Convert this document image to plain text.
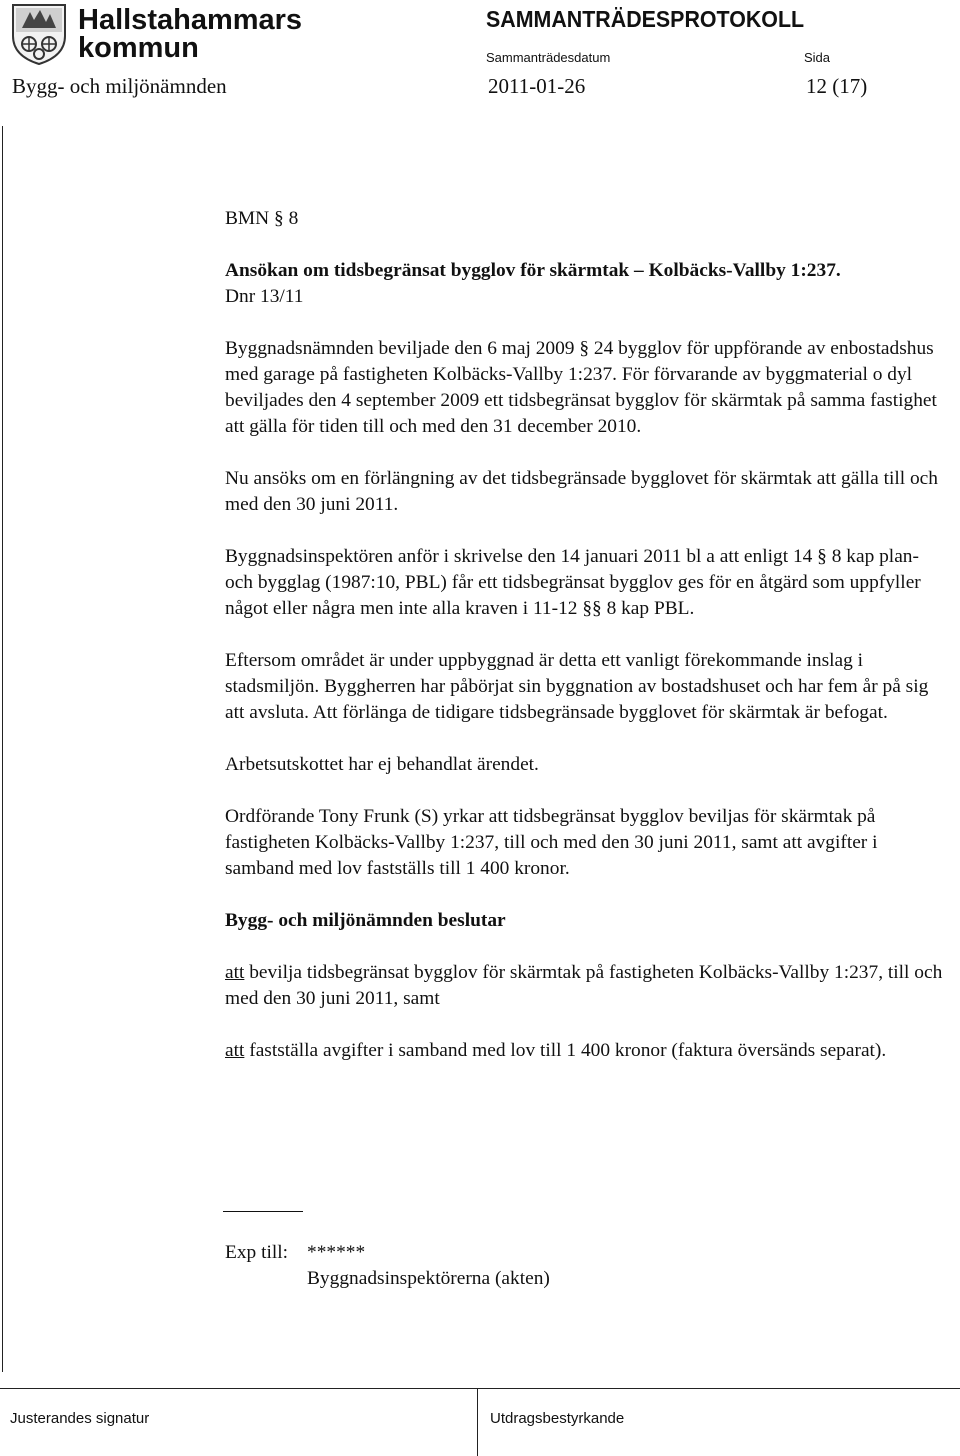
Hallstahammars
kommun
SAMMANTRÄDESPROTOKOLL
Sammanträdesdatum	Sida
Bygg- och miljönämnden	2011-01-26	12 (17)

BMN § 8

Ansökan om tidsbegränsat bygglov för skärmtak – Kolbäcks-Vallby 1:237.

Dnr 13/11

Byggnadsnämnden beviljade den 6 maj 2009 § 24 bygglov för uppförande av enbostadshus med garage på fastigheten Kolbäcks-Vallby 1:237. För förvarande av byggmaterial o dyl beviljades den 4 september 2009 ett tidsbegränsat bygglov för skärmtak på samma fastighet att gälla för tiden till och med den 31 december 2010.

Nu ansöks om en förlängning av det tidsbegränsade bygglovet för skärmtak att gälla till och med den 30 juni 2011.

Byggnadsinspektören anför i skrivelse den 14 januari 2011 bl a att enligt 14 § 8 kap plan- och bygglag (1987:10, PBL) får ett tidsbegränsat bygglov ges för en åtgärd som uppfyller något eller några men inte alla kraven i 11-12 §§ 8 kap PBL.

Eftersom området är under uppbyggnad är detta ett vanligt förekommande inslag i stadsmiljön. Byggherren har påbörjat sin byggnation av bostadshuset och har fem år på sig att avsluta. Att förlänga de tidigare tidsbegränsade bygglovet för skärmtak är befogat.

Arbetsutskottet har ej behandlat ärendet.

Ordförande Tony Frunk (S) yrkar att tidsbegränsat bygglov beviljas för skärmtak på fastigheten Kolbäcks-Vallby 1:237, till och med den 30 juni 2011, samt att avgifter i samband med lov fastställs till 1 400 kronor.

Bygg- och miljönämnden beslutar

att bevilja tidsbegränsat bygglov för skärmtak på fastigheten Kolbäcks-Vallby 1:237, till och med den 30 juni 2011, samt

att fastställa avgifter i samband med lov till 1 400 kronor (faktura översänds separat).

Exp till: ******
Byggnadsinspektörerna (akten)
Justerandes signatur	Utdragsbestyrkande
